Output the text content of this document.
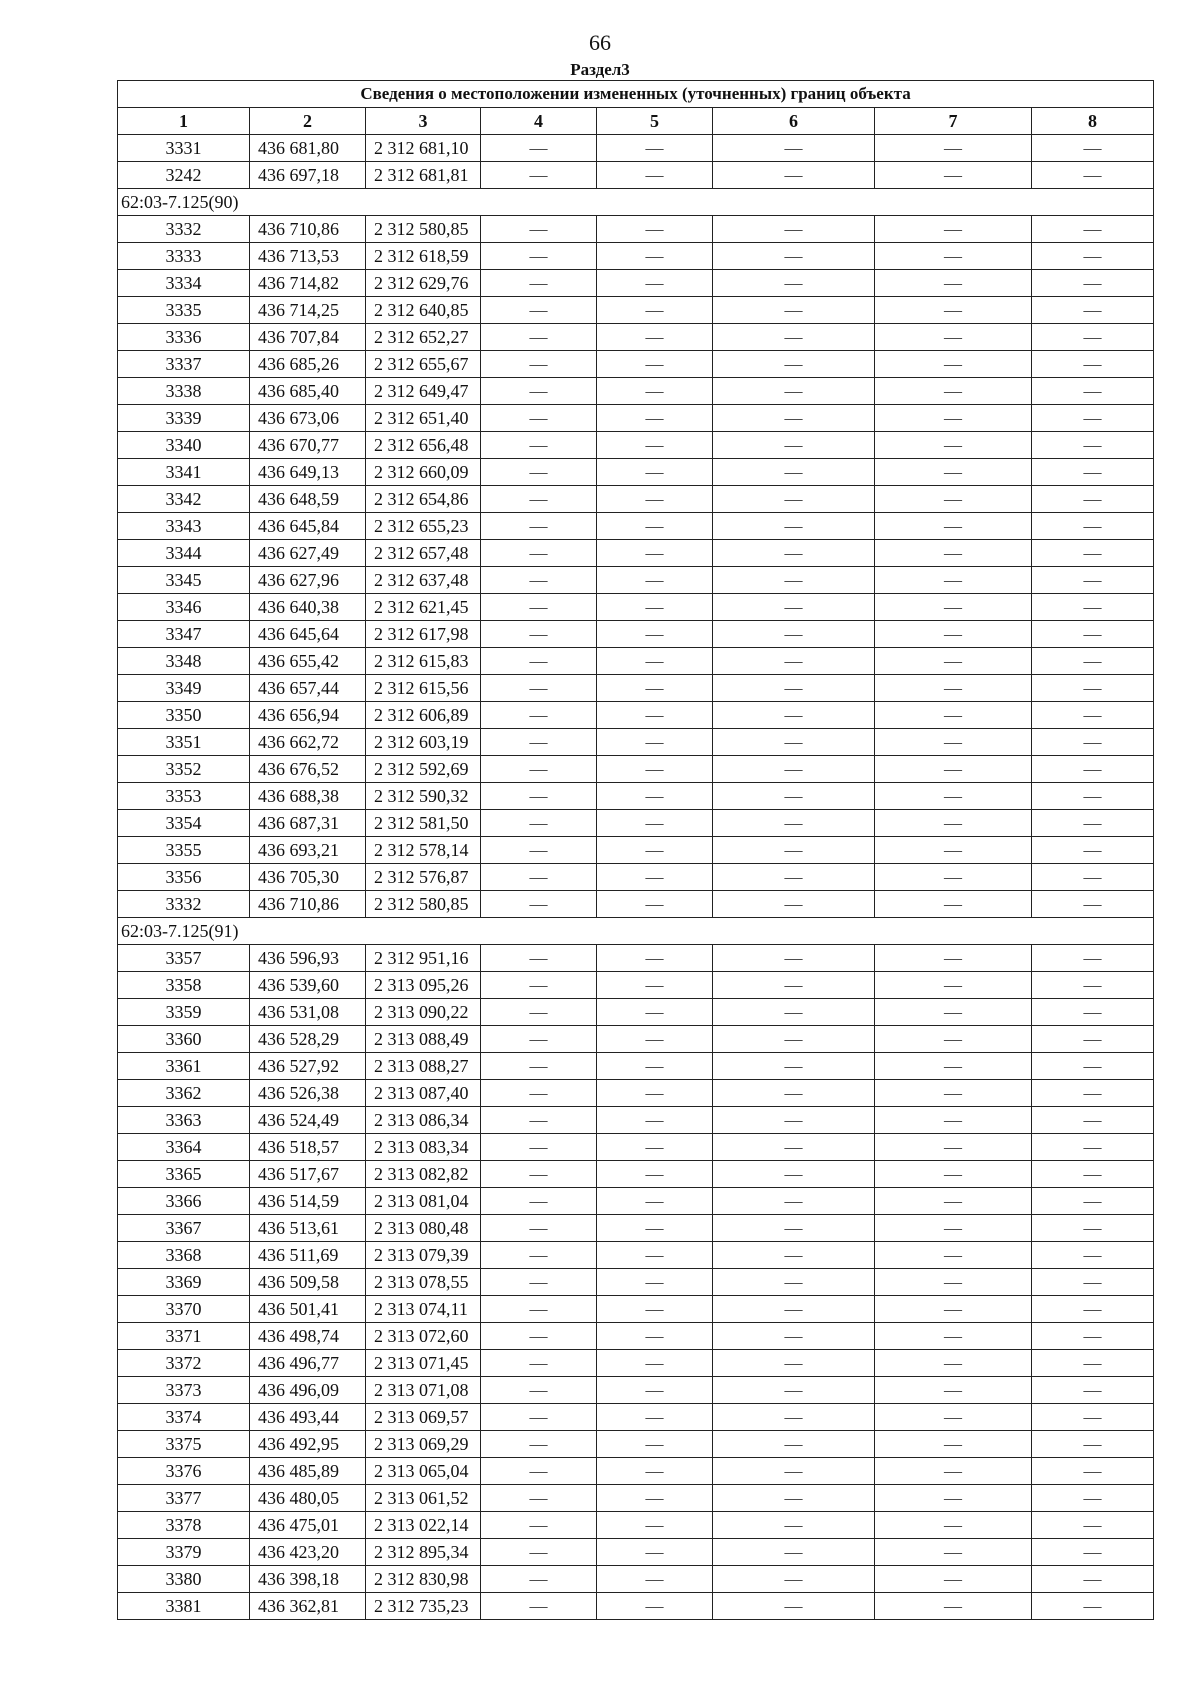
66
Раздел3
Сведения о местоположении измененных (уточненных) границ объекта							
1	2	3	4	5	6	7	8
3331	436 681,80	2 312 681,10	—	—	—	—	—
3242	436 697,18	2 312 681,81	—	—	—	—	—
62:03-7.125(90)							
3332	436 710,86	2 312 580,85	—	—	—	—	—
3333	436 713,53	2 312 618,59	—	—	—	—	—
3334	436 714,82	2 312 629,76	—	—	—	—	—
3335	436 714,25	2 312 640,85	—	—	—	—	—
3336	436 707,84	2 312 652,27	—	—	—	—	—
3337	436 685,26	2 312 655,67	—	—	—	—	—
3338	436 685,40	2 312 649,47	—	—	—	—	—
3339	436 673,06	2 312 651,40	—	—	—	—	—
3340	436 670,77	2 312 656,48	—	—	—	—	—
3341	436 649,13	2 312 660,09	—	—	—	—	—
3342	436 648,59	2 312 654,86	—	—	—	—	—
3343	436 645,84	2 312 655,23	—	—	—	—	—
3344	436 627,49	2 312 657,48	—	—	—	—	—
3345	436 627,96	2 312 637,48	—	—	—	—	—
3346	436 640,38	2 312 621,45	—	—	—	—	—
3347	436 645,64	2 312 617,98	—	—	—	—	—
3348	436 655,42	2 312 615,83	—	—	—	—	—
3349	436 657,44	2 312 615,56	—	—	—	—	—
3350	436 656,94	2 312 606,89	—	—	—	—	—
3351	436 662,72	2 312 603,19	—	—	—	—	—
3352	436 676,52	2 312 592,69	—	—	—	—	—
3353	436 688,38	2 312 590,32	—	—	—	—	—
3354	436 687,31	2 312 581,50	—	—	—	—	—
3355	436 693,21	2 312 578,14	—	—	—	—	—
3356	436 705,30	2 312 576,87	—	—	—	—	—
3332	436 710,86	2 312 580,85	—	—	—	—	—
62:03-7.125(91)							
3357	436 596,93	2 312 951,16	—	—	—	—	—
3358	436 539,60	2 313 095,26	—	—	—	—	—
3359	436 531,08	2 313 090,22	—	—	—	—	—
3360	436 528,29	2 313 088,49	—	—	—	—	—
3361	436 527,92	2 313 088,27	—	—	—	—	—
3362	436 526,38	2 313 087,40	—	—	—	—	—
3363	436 524,49	2 313 086,34	—	—	—	—	—
3364	436 518,57	2 313 083,34	—	—	—	—	—
3365	436 517,67	2 313 082,82	—	—	—	—	—
3366	436 514,59	2 313 081,04	—	—	—	—	—
3367	436 513,61	2 313 080,48	—	—	—	—	—
3368	436 511,69	2 313 079,39	—	—	—	—	—
3369	436 509,58	2 313 078,55	—	—	—	—	—
3370	436 501,41	2 313 074,11	—	—	—	—	—
3371	436 498,74	2 313 072,60	—	—	—	—	—
3372	436 496,77	2 313 071,45	—	—	—	—	—
3373	436 496,09	2 313 071,08	—	—	—	—	—
3374	436 493,44	2 313 069,57	—	—	—	—	—
3375	436 492,95	2 313 069,29	—	—	—	—	—
3376	436 485,89	2 313 065,04	—	—	—	—	—
3377	436 480,05	2 313 061,52	—	—	—	—	—
3378	436 475,01	2 313 022,14	—	—	—	—	—
3379	436 423,20	2 312 895,34	—	—	—	—	—
3380	436 398,18	2 312 830,98	—	—	—	—	—
3381	436 362,81	2 312 735,23	—	—	—	—	—
